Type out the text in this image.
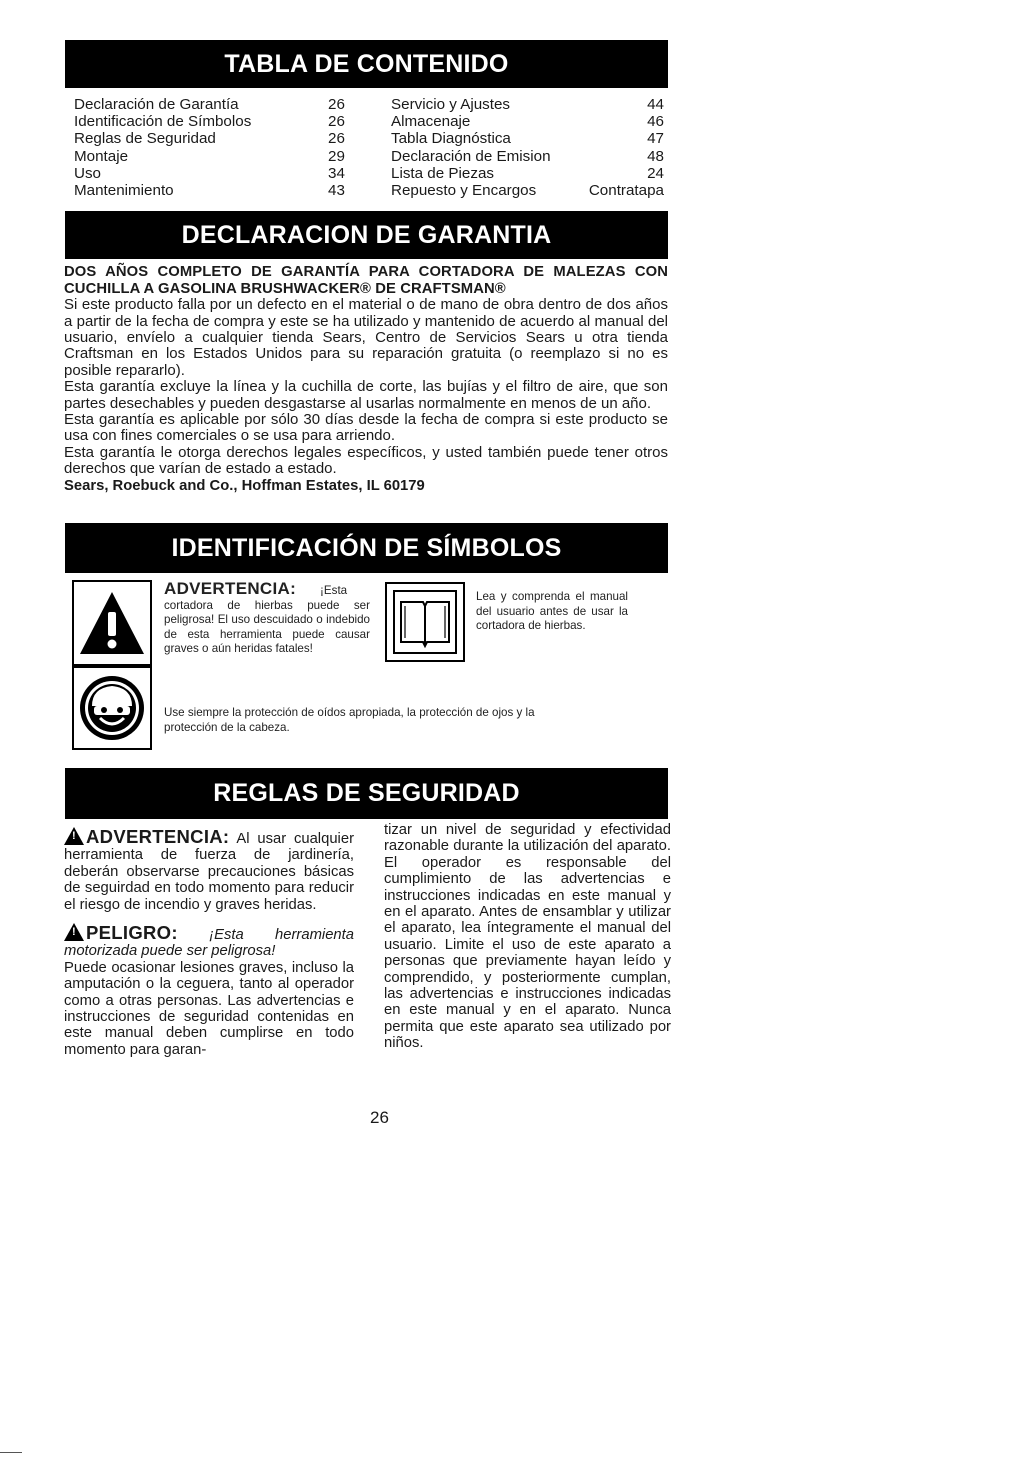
TABLA DE CONTENIDO
Declaración de Garantía	26	Servicio y Ajustes	44
Identificación de Símbolos	26	Almacenaje	46
Reglas de Seguridad	26	Tabla Diagnóstica	47
Montaje	29	Declaración de Emision	48
Uso	34	Lista de Piezas	24
Mantenimiento	43	Repuesto y Encargos	Contratapa
DECLARACION DE GARANTIA

DOS AÑOS COMPLETO DE GARANTÍA PARA CORTADORA DE MALEZAS CON CUCHILLA A GASOLINA BRUSHWACKER® DE CRAFTSMAN®

Si este producto falla por un defecto en el material o de mano de obra dentro de dos años a partir de la fecha de compra y este se ha utilizado y mantenido de acuerdo al manual del usuario, envíelo a cualquier tienda Sears, Centro de Servicios Sears u otra tienda Craftsman en los Estados Unidos para su reparación gratuita (o reemplazo si no es posible repararlo).

Esta garantía excluye la línea y la cuchilla de corte, las bujías y el filtro de aire, que son partes desechables y pueden desgastarse al usarlas normalmente en menos de un año.

Esta garantía es aplicable por sólo 30 días desde la fecha de compra si este producto se usa con fines comerciales o se usa para arriendo.

Esta garantía le otorga derechos legales específicos, y usted también puede tener otros derechos que varían de estado a estado.

Sears, Roebuck and Co., Hoffman Estates, IL 60179

IDENTIFICACIÓN DE SÍMBOLOS
ADVERTENCIA: ¡Esta
cortadora de hierbas puede ser peligrosa! El uso descuidado o indebido de esta herramienta puede causar graves o aún heridas fatales!
Lea y comprenda el manual del usuario antes de usar la cortadora de hierbas.
Use siempre la protección de oídos apropiada, la protección de ojos y la protección de la cabeza.
REGLAS DE SEGURIDAD

!ADVERTENCIA: Al usar cualquier herramienta de fuerza de jardinería, deberán observarse precauciones básicas de seguirdad en todo momento para reducir el riesgo de incendio y graves heridas.

!PELIGRO: ¡Esta herramienta motorizada puede ser peligrosa!

Puede ocasionar lesiones graves, incluso la amputación o la ceguera, tanto al operador como a otras personas. Las advertencias e instrucciones de seguridad contenidas en este manual deben cumplirse en todo momento para garan-

tizar un nivel de seguridad y efectividad razonable durante la utilización del aparato. El operador es responsable del cumplimiento de las advertencias e instrucciones indicadas en este manual y en el aparato. Antes de ensamblar y utilizar el aparato, lea íntegramente el manual del usuario. Limite el uso de este aparato a personas que previamente hayan leído y comprendido, y posteriormente cumplan, las advertencias e instrucciones indicadas en este manual y en el aparato. Nunca permita que este aparato sea utilizado por niños.

26
